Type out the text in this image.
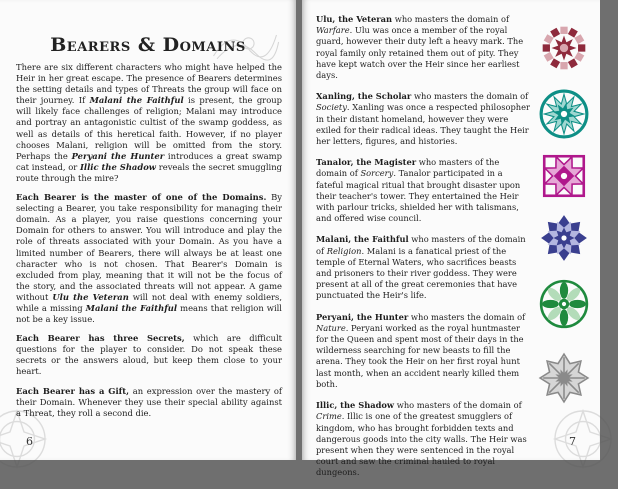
Bearers & Domains

There are six different characters who might have helped the Heir in her great escape. The presence of Bearers determines the setting details and types of Threats the group will face on their journey. If Malani the Faithful is present, the group will likely face challenges of religion; Malani may introduce and portray an antagonistic cultist of the swamp goddess, as well as details of this heretical faith. However, if no player chooses Malani, religion will be omitted from the story. Perhaps the Peryani the Hunter introduces a great swamp cat instead, or Illic the Shadow reveals the secret smuggling route through the mire?

Each Bearer is the master of one of the Domains. By selecting a Bearer, you take responsibility for managing their domain. As a player, you raise questions concerning your Domain for others to answer. You will introduce and play the role of threats associated with your Domain. As you have a limited number of Bearers, there will always be at least one character who is not chosen. That Bearer's Domain is excluded from play, meaning that it will not be the focus of the story, and the associated threats will not appear. A game without Ulu the Veteran will not deal with enemy soldiers, while a missing Malani the Faithful means that religion will not be a key issue.

Each Bearer has three Secrets, which are difficult questions for the player to consider. Do not speak these secrets or the answers aloud, but keep them close to your heart.

Each Bearer has a Gift, an expression over the mastery of their Domain. Whenever they use their special ability against a Threat, they roll a second die.

6

Ulu, the Veteran who masters the domain of Warfare. Ulu was once a member of the royal guard, however their duty left a heavy mark. The royal family only retained them out of pity. They have kept watch over the Heir since her earliest days.

Xanling, the Scholar who masters the domain of Society. Xanling was once a respected philosopher in their distant homeland, however they were exiled for their radical ideas. They taught the Heir her letters, figures, and histories.

Tanalor, the Magister who masters of the domain of Sorcery. Tanalor participated in a fateful magical ritual that brought disaster upon their teacher's tower. They entertained the Heir with parlour tricks, shielded her with talismans, and offered wise council.

Malani, the Faithful who masters of the domain of Religion. Malani is a fanatical priest of the temple of Eternal Waters, who sacrifices beasts and prisoners to their river goddess. They were present at all of the great ceremonies that have punctuated the Heir's life.

Peryani, the Hunter who masters the domain of Nature. Peryani worked as the royal huntmaster for the Queen and spent most of their days in the wilderness searching for new beasts to fill the arena. They took the Heir on her first royal hunt last month, when an accident nearly killed them both.

Illic, the Shadow who masters of the domain of Crime. Illic is one of the greatest smugglers of kingdom, who has brought forbidden texts and dangerous goods into the city walls. The Heir was present when they were sentenced in the royal court and saw the criminal hauled to royal dungeons.

7
